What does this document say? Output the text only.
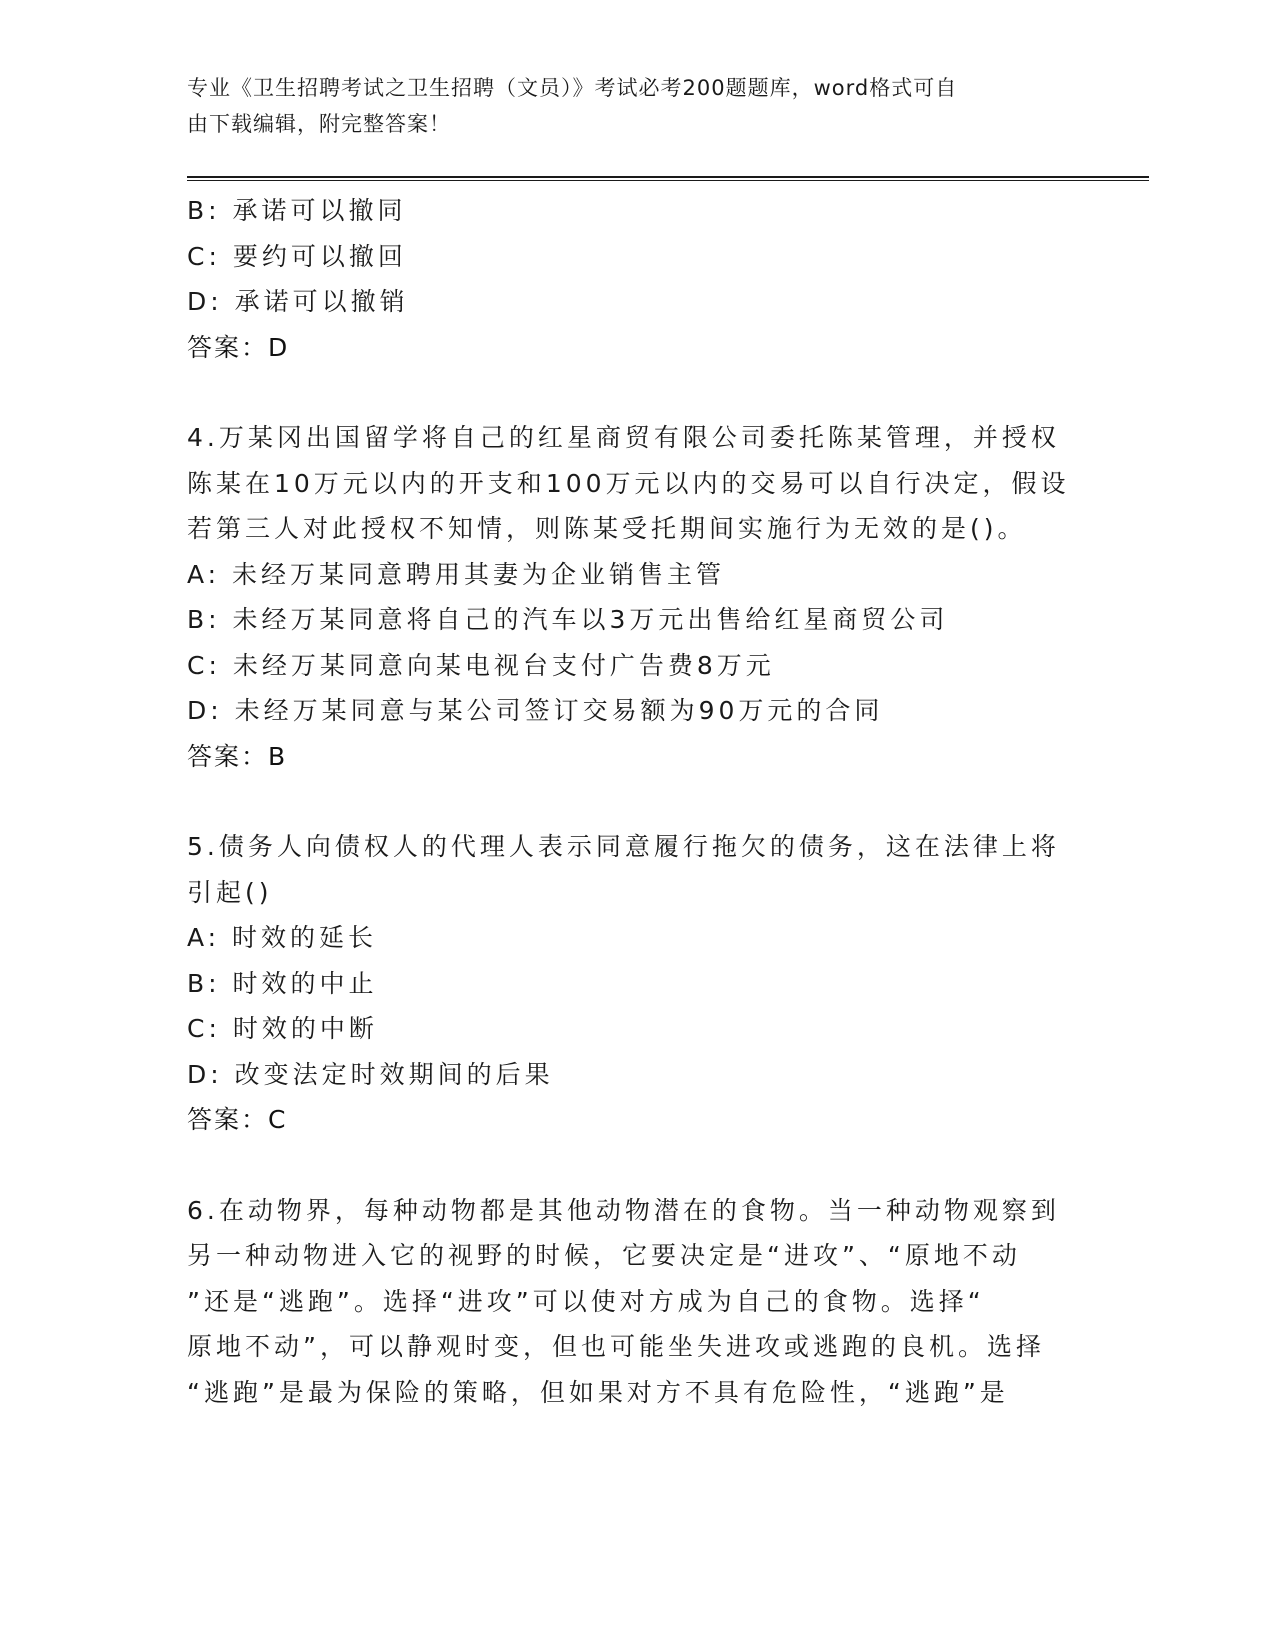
专业《卫生招聘考试之卫生招聘（文员）》考试必考200题题库，word格式可自
由下载编辑，附完整答案！
B: 承诺可以撤同
C: 要约可以撤回
D: 承诺可以撤销
答案：D
4.万某冈出国留学将自己的红星商贸有限公司委托陈某管理，并授权
陈某在10万元以内的开支和100万元以内的交易可以自行决定，假设
若第三人对此授权不知情，则陈某受托期间实施行为无效的是()。
A: 未经万某同意聘用其妻为企业销售主管
B: 未经万某同意将自己的汽车以3万元出售给红星商贸公司
C: 未经万某同意向某电视台支付广告费8万元
D: 未经万某同意与某公司签订交易额为90万元的合同
答案：B
5.债务人向债权人的代理人表示同意履行拖欠的债务，这在法律上将
引起()
A: 时效的延长
B: 时效的中止
C: 时效的中断
D: 改变法定时效期间的后果
答案：C
6.在动物界，每种动物都是其他动物潜在的食物。当一种动物观察到
另一种动物进入它的视野的时候，它要决定是“进攻”、“原地不动
”还是“逃跑”。选择“进攻”可以使对方成为自己的食物。选择“
原地不动”，可以静观时变，但也可能坐失进攻或逃跑的良机。选择
“逃跑”是最为保险的策略，但如果对方不具有危险性，“逃跑”是
